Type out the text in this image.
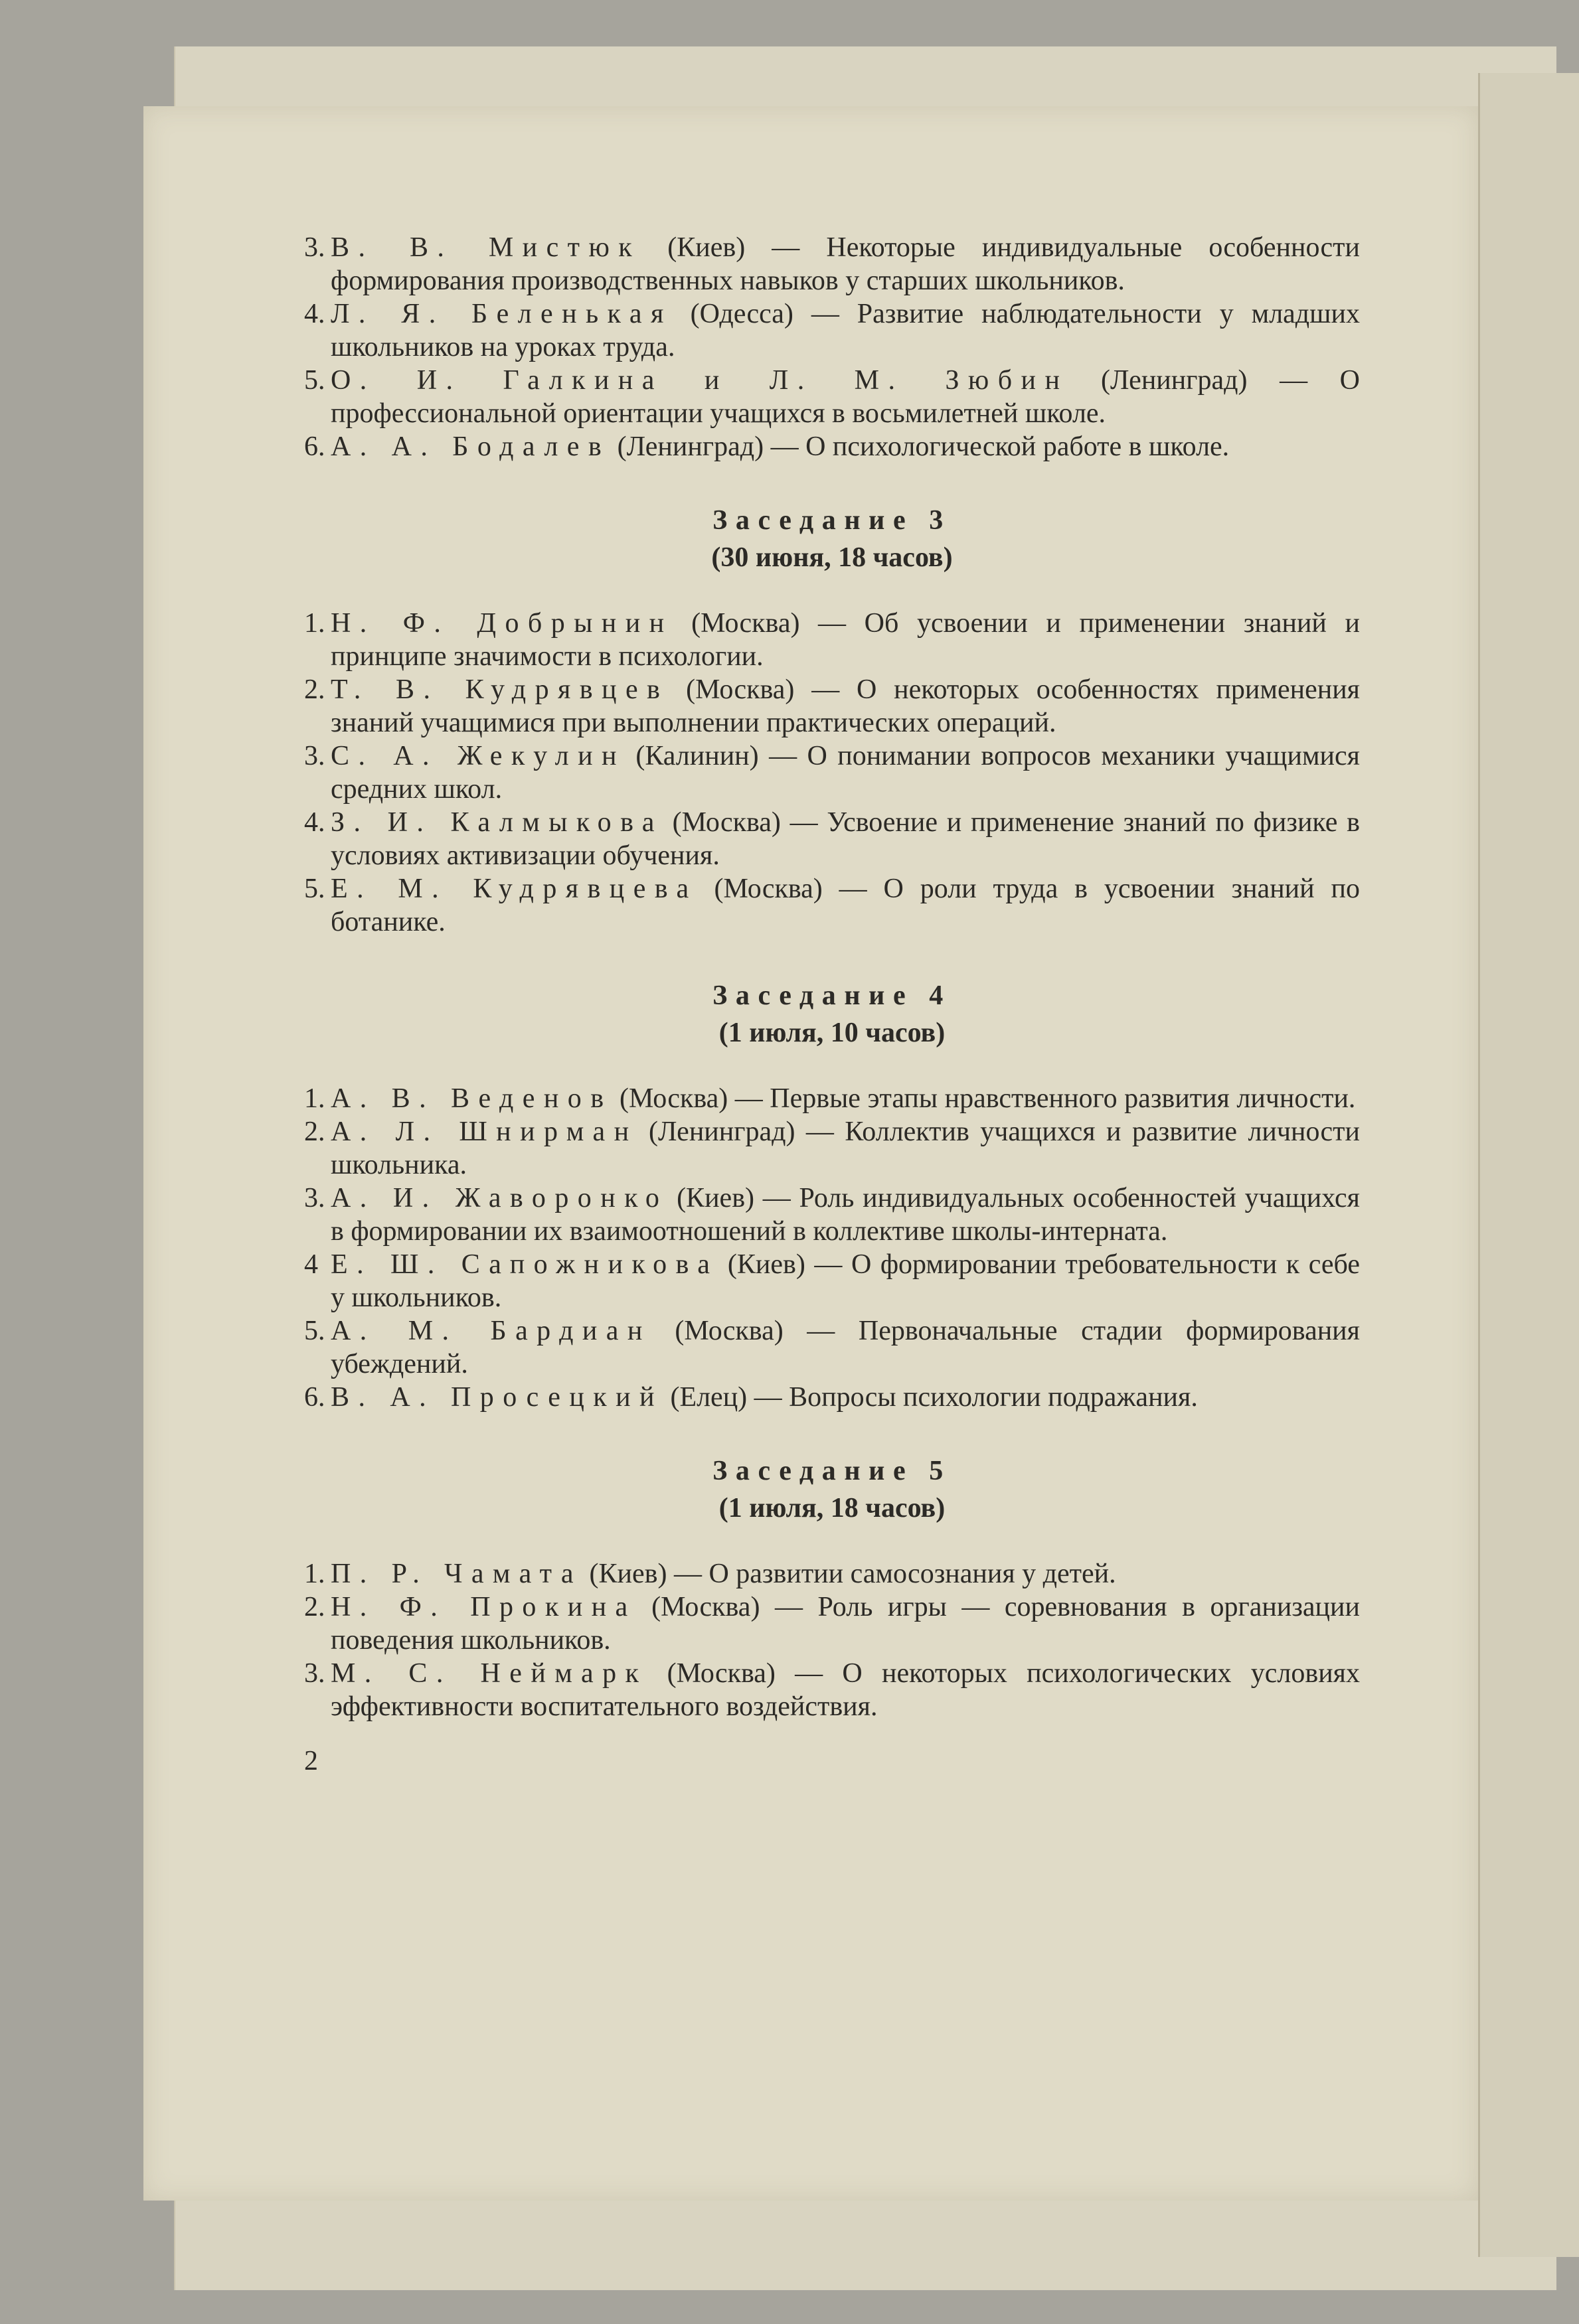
3. В. В. Мистюк (Киев) — Некоторые индивидуальные особенности формирования производственных навыков у старших школьников.
4. Л. Я. Беленькая (Одесса) — Развитие наблюдательности у младших школьников на уроках труда.
5. О. И. Галкина и Л. М. Зюбин (Ленинград) — О профессиональной ориентации учащихся в восьмилетней школе.
6. А. А. Бодалев (Ленинград) — О психологической работе в школе.
Заседание 3
(30 июня, 18 часов)
1. Н. Ф. Добрынин (Москва) — Об усвоении и применении знаний и принципе значимости в психологии.
2. Т. В. Кудрявцев (Москва) — О некоторых особенностях применения знаний учащимися при выполнении практических операций.
3. С. А. Жекулин (Калинин) — О понимании вопросов механики учащимися средних школ.
4. З. И. Калмыкова (Москва) — Усвоение и применение знаний по физике в условиях активизации обучения.
5. Е. М. Кудрявцева (Москва) — О роли труда в усвоении знаний по ботанике.
Заседание 4
(1 июля, 10 часов)
1. А. В. Веденов (Москва) — Первые этапы нравственного развития личности.
2. А. Л. Шнирман (Ленинград) — Коллектив учащихся и развитие личности школьника.
3. А. И. Жаворонко (Киев) — Роль индивидуальных особенностей учащихся в формировании их взаимоотношений в коллективе школы-интерната.
4 Е. Ш. Сапожникова (Киев) — О формировании требовательности к себе у школьников.
5. А. М. Бардиан (Москва) — Первоначальные стадии формирования убеждений.
6. В. А. Просецкий (Елец) — Вопросы психологии подражания.
Заседание 5
(1 июля, 18 часов)
1. П. Р. Чамата (Киев) — О развитии самосознания у детей.
2. Н. Ф. Прокина (Москва) — Роль игры — соревнования в организации поведения школьников.
3. М. С. Неймарк (Москва) — О некоторых психологических условиях эффективности воспитательного воздействия.
2
